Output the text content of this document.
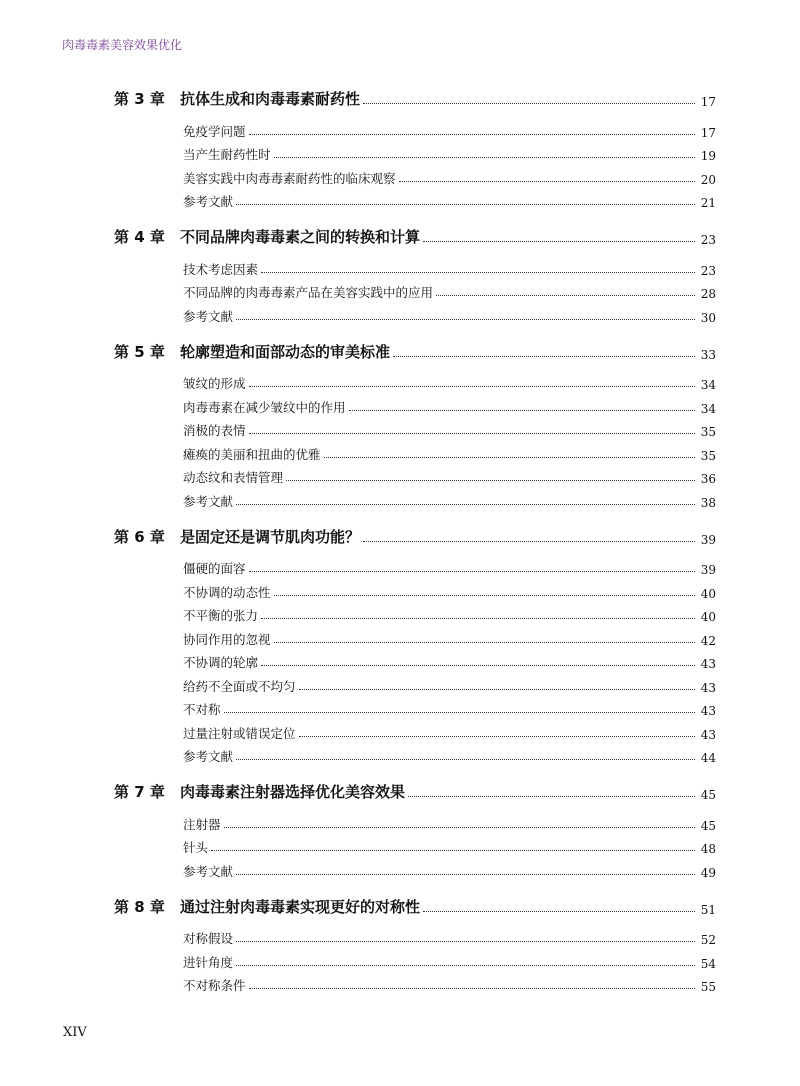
肉毒毒素美容效果优化
第 3 章 抗体生成和肉毒毒素耐药性	17
免疫学问题	17
当产生耐药性时	19
美容实践中肉毒毒素耐药性的临床观察	20
参考文献	21
第 4 章 不同品牌肉毒毒素之间的转换和计算	23
技术考虑因素	23
不同品牌的肉毒毒素产品在美容实践中的应用	28
参考文献	30
第 5 章 轮廓塑造和面部动态的审美标准	33
皱纹的形成	34
肉毒毒素在减少皱纹中的作用	34
消极的表情	35
瘫痪的美丽和扭曲的优雅	35
动态纹和表情管理	36
参考文献	38
第 6 章 是固定还是调节肌肉功能？	39
僵硬的面容	39
不协调的动态性	40
不平衡的张力	40
协同作用的忽视	42
不协调的轮廓	43
给药不全面或不均匀	43
不对称	43
过量注射或错误定位	43
参考文献	44
第 7 章 肉毒毒素注射器选择优化美容效果	45
注射器	45
针头	48
参考文献	49
第 8 章 通过注射肉毒毒素实现更好的对称性	51
对称假设	52
进针角度	54
不对称条件	55
XIV
